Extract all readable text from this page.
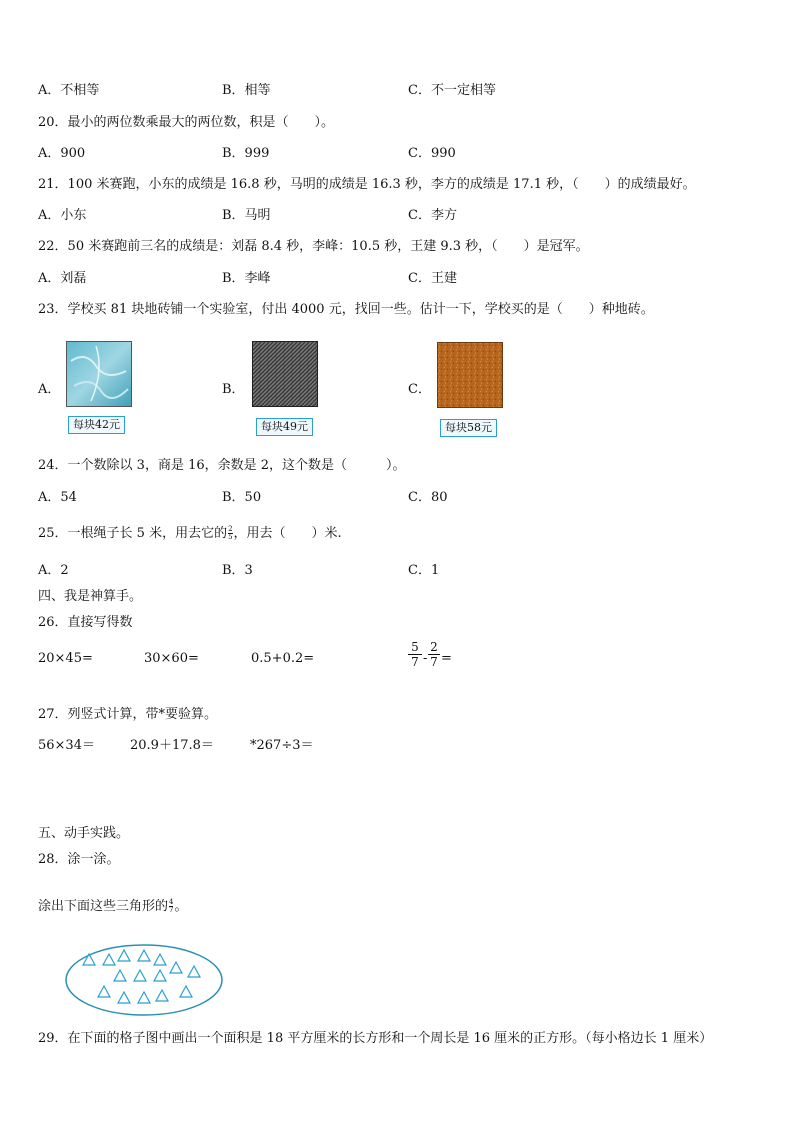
A．不相等	B．相等	C．不一定相等
20．最小的两位数乘最大的两位数，积是（　　）。
A．900	B．999	C．990
21．100 米赛跑，小东的成绩是 16.8 秒，马明的成绩是 16.3 秒，李方的成绩是 17.1 秒，（　　）的成绩最好。
A．小东	B．马明	C．李方
22．50 米赛跑前三名的成绩是：刘磊 8.4 秒，李峰：10.5 秒，王建 9.3 秒，（　　）是冠军。
A．刘磊	B．李峰	C．王建
23．学校买 81 块地砖铺一个实验室，付出 4000 元，找回一些。估计一下，学校买的是（　　）种地砖。
A．
每块42元
B．
每块49元
C．
每块58元
24．一个数除以 3，商是 16，余数是 2，这个数是（　　　）。
A．54	B．50	C．80
25．一根绳子长 5 米，用去它的 $\frac{2}{5}$ ，用去（　　）米.
A．2	B．3	C．1
四、我是神算手。
26．直接写得数
20×45=	30×60=	0.5+0.2=	$\frac{5}{7} - \frac{2}{7}$ =
27．列竖式计算，带*要验算。
56×34＝	20.9＋17.8＝	*267÷3＝
五、动手实践。
28．涂一涂。
涂出下面这些三角形的 $\frac{4}{7}$ 。
29．在下面的格子图中画出一个面积是 18 平方厘米的长方形和一个周长是 16 厘米的正方形。（每小格边长 1 厘米）
